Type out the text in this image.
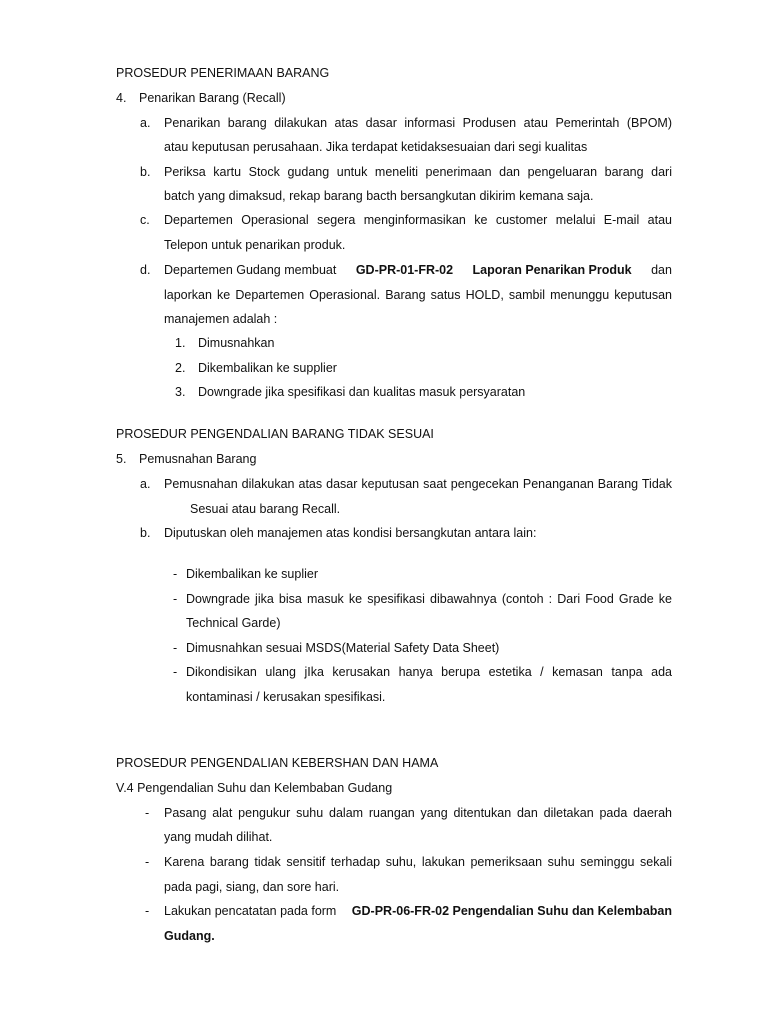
PROSEDUR PENERIMAAN BARANG
4. Penarikan Barang (Recall)
a. Penarikan barang dilakukan atas dasar informasi Produsen atau Pemerintah (BPOM)
atau keputusan perusahaan. Jika terdapat ketidaksesuaian dari segi kualitas
b. Periksa kartu Stock gudang untuk meneliti penerimaan dan pengeluaran barang dari
batch yang dimaksud, rekap barang bacth bersangkutan dikirim kemana saja.
c. Departemen Operasional segera menginformasikan ke customer melalui E-mail atau
Telepon untuk penarikan produk.
d. Departemen Gudang membuat GD-PR-01-FR-02 Laporan Penarikan Produk dan
laporkan ke Departemen Operasional. Barang satus HOLD, sambil menunggu keputusan
manajemen adalah :
1. Dimusnahkan
2. Dikembalikan ke supplier
3. Downgrade jika spesifikasi dan kualitas masuk persyaratan
PROSEDUR PENGENDALIAN BARANG TIDAK SESUAI
5. Pemusnahan Barang
a. Pemusnahan dilakukan atas dasar keputusan saat pengecekan Penanganan Barang Tidak
Sesuai atau barang Recall.
b. Diputuskan oleh manajemen atas kondisi bersangkutan antara lain:
- Dikembalikan ke suplier
- Downgrade jika bisa masuk ke spesifikasi dibawahnya (contoh : Dari Food Grade ke
Technical Garde)
- Dimusnahkan sesuai MSDS(Material Safety Data Sheet)
- Dikondisikan ulang jIka kerusakan hanya berupa estetika / kemasan tanpa ada
kontaminasi / kerusakan spesifikasi.
PROSEDUR PENGENDALIAN KEBERSHAN DAN HAMA
V.4 Pengendalian Suhu dan Kelembaban Gudang
- Pasang alat pengukur suhu dalam ruangan yang ditentukan dan diletakan pada daerah
yang mudah dilihat.
- Karena barang tidak sensitif terhadap suhu, lakukan pemeriksaan suhu seminggu sekali
pada pagi, siang, dan sore hari.
- Lakukan pencatatan pada form GD-PR-06-FR-02 Pengendalian Suhu dan Kelembaban
Gudang.
